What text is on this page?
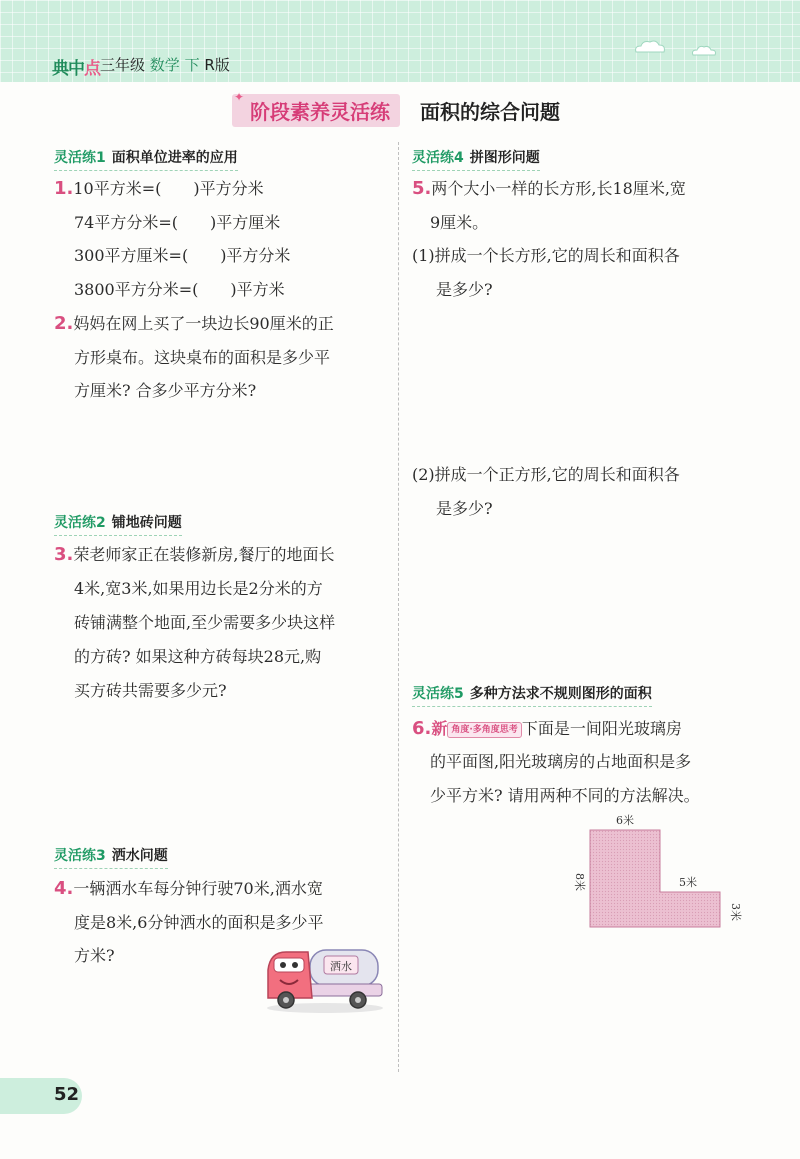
典中点 三年级 数学 下 R版
✦
阶段素养灵活练	面积的综合问题
灵活练1 面积单位进率的应用
1.10平方米=(　　)平方分米
74平方分米=(　　)平方厘米
300平方厘米=(　　)平方分米
3800平方分米=(　　)平方米
2.妈妈在网上买了一块边长90厘米的正
方形桌布。这块桌布的面积是多少平
方厘米? 合多少平方分米?
灵活练2 铺地砖问题
3.荣老师家正在装修新房,餐厅的地面长
4米,宽3米,如果用边长是2分米的方
砖铺满整个地面,至少需要多少块这样
的方砖? 如果这种方砖每块28元,购
买方砖共需要多少元?
灵活练3 洒水问题
4.一辆洒水车每分钟行驶70米,洒水宽
度是8米,6分钟洒水的面积是多少平
方米?
洒水
灵活练4 拼图形问题
5.两个大小一样的长方形,长18厘米,宽
9厘米。
(1)拼成一个长方形,它的周长和面积各
是多少?
(2)拼成一个正方形,它的周长和面积各
是多少?
灵活练5 多种方法求不规则图形的面积
6.新 角度·多角度思考 下面是一间阳光玻璃房
的平面图,阳光玻璃房的占地面积是多
少平方米? 请用两种不同的方法解决。
6米
8米	5米
3米
52
